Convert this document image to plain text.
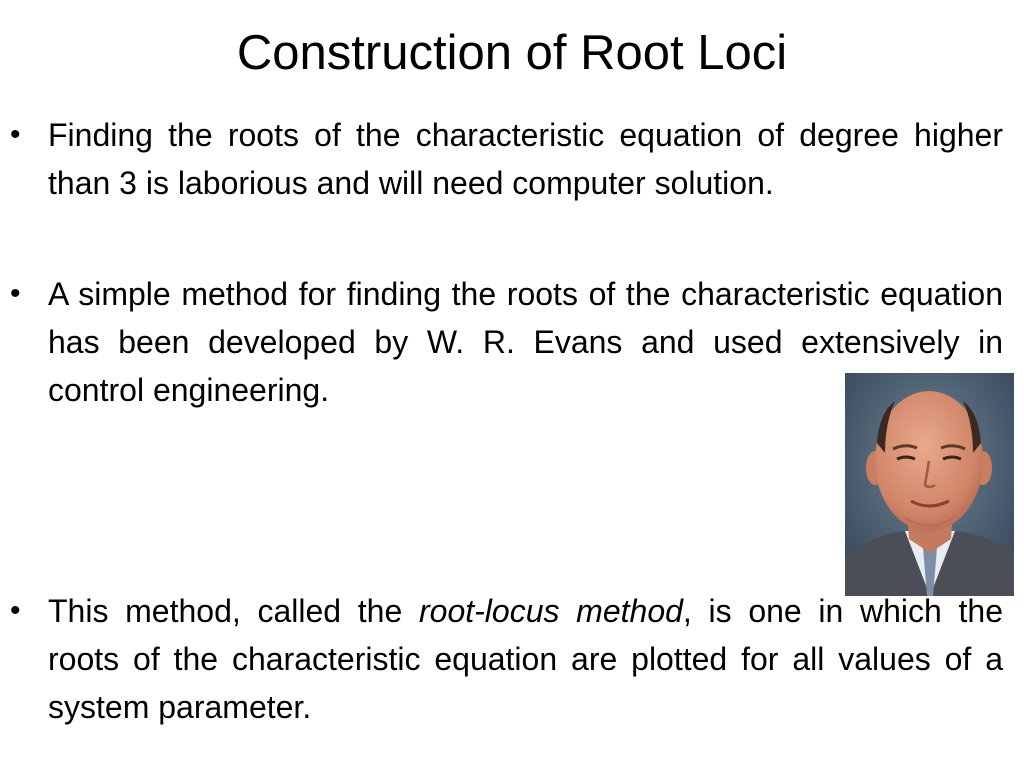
Construction of Root Loci
• Finding the roots of the characteristic equation of degree higher than 3 is laborious and will need computer solution.

• A simple method for finding the roots of the characteristic equation has been developed by W. R. Evans and used extensively in control engineering.

• This method, called the root-locus method, is one in which the roots of the characteristic equation are plotted for all values of a system parameter.
